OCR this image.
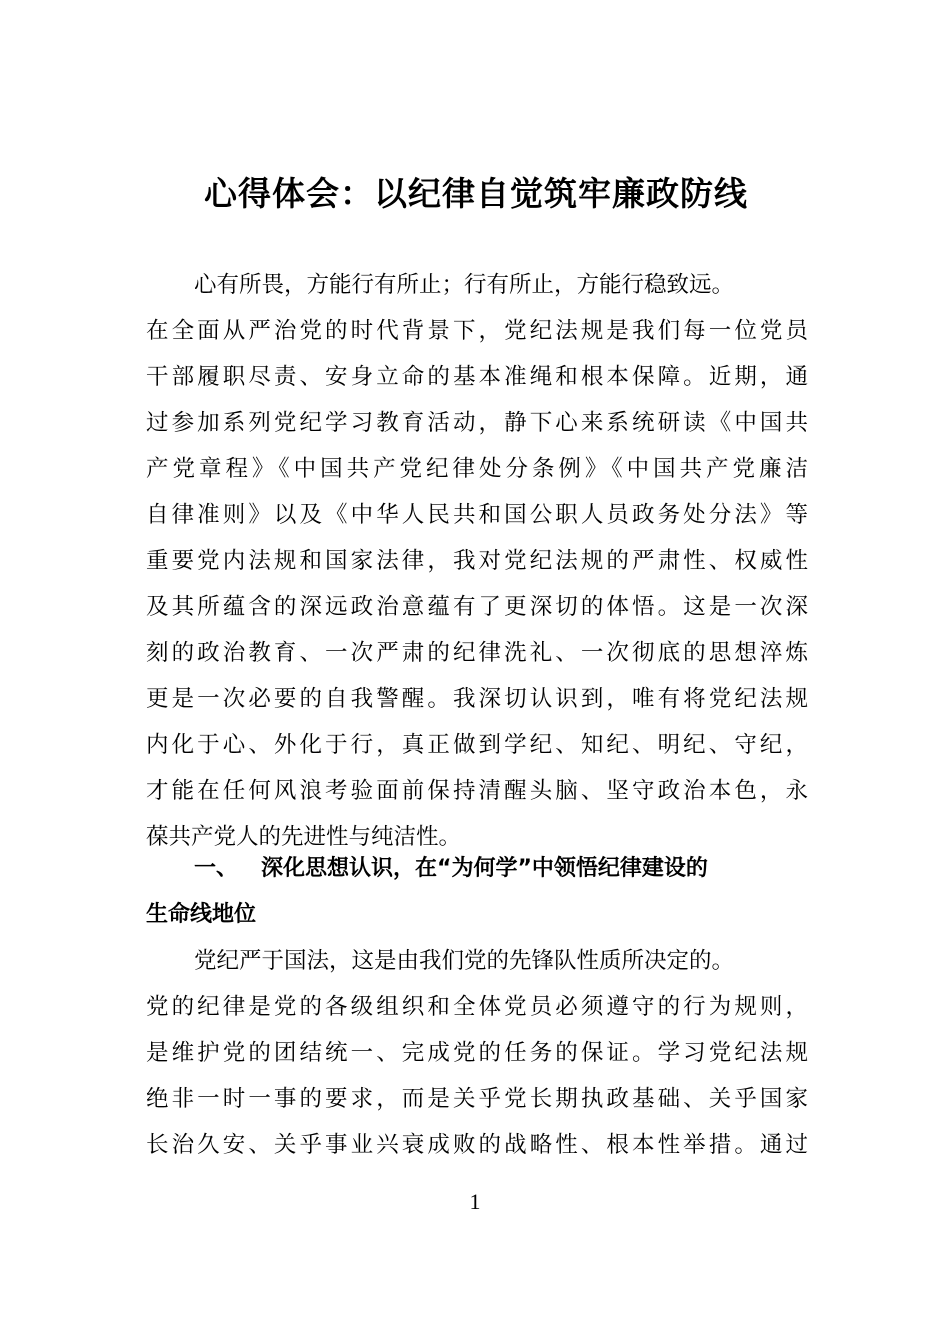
心得体会：以纪律自觉筑牢廉政防线
心有所畏，方能行有所止；行有所止，方能行稳致远。
在全面从严治党的时代背景下，党纪法规是我们每一位党员
干部履职尽责、安身立命的基本准绳和根本保障。近期，通
过参加系列党纪学习教育活动，静下心来系统研读《中国共
产党章程》《中国共产党纪律处分条例》《中国共产党廉洁
自律准则》以及《中华人民共和国公职人员政务处分法》等
重要党内法规和国家法律，我对党纪法规的严肃性、权威性
及其所蕴含的深远政治意蕴有了更深切的体悟。这是一次深
刻的政治教育、一次严肃的纪律洗礼、一次彻底的思想淬炼
更是一次必要的自我警醒。我深切认识到，唯有将党纪法规
内化于心、外化于行，真正做到学纪、知纪、明纪、守纪，
才能在任何风浪考验面前保持清醒头脑、坚守政治本色，永
葆共产党人的先进性与纯洁性。
一、 深化思想认识，在“为何学”中领悟纪律建设的
生命线地位
党纪严于国法，这是由我们党的先锋队性质所决定的。
党的纪律是党的各级组织和全体党员必须遵守的行为规则，
是维护党的团结统一、完成党的任务的保证。学习党纪法规
绝非一时一事的要求，而是关乎党长期执政基础、关乎国家
长治久安、关乎事业兴衰成败的战略性、根本性举措。通过
1
